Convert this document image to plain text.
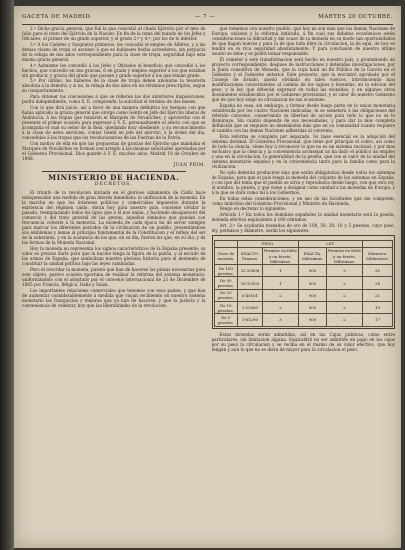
GACETA DE MADRID.	— 7 —	MARTES 20 OCTUBRE.

2.º Dicha gracia general, que fué la que concedió al citado Ejército por el mes de Julio para el resto del Ejército de la Nacion. En fin de la toma del mando de los Jefes y Oficiales, el primer de un grado superior, y el grado 2.º y 4.º, por los de lo inferior.

3.º A los Cadetes y Sargentos primeros, les concedió el empleo de Alférez, y á las demas clases de tropa el ascenso á que se hubiesen hecho acreedores, sin perjuicio de la rebaja de dos años correspondiente para la clase de tropa, seguridad bajo esta misma gracia general.

4.º Asimismo les concedió á los Jefes y Oficiales el beneficio que concedió á los hechos, que concedió en dos gracias, 6 en grado y empleo superior á los que estaban sin producir, y gracia del grado que posean y grado superior á los que tenían grado.

5.º Por último, los haberes de la clase de tropa deben abonarse la tesorería absoluta a la demora; y si no, la rebaja de dos años en los términos prescriptos, segun su comportamiento.

Para obtener las concesiones á que se refieren las dos anteriores disposiciones, podrá independiente, como S. E. comprende, la solicitud el término de dos meses.

Con lo que dirá juicio, así a favor de una manera definitiva los tiempos con que habia aplicado la gracia general que otorgó como Gentil en Jefe del Ejército liberal de Andalucía, á las tropas que tomaron el Marqués de Novaliches, y aprovecho con el presente el primer ocasión para expresar á V. E. personalmente el afecto con que se acompaña el cual su señor de la Real, quedando muy obediente, y su reconocimiento á la clase de estos servicios, contar Gentil en jefe del ejercito, á la órden del dia, concedidas á las tropas que los revolucionarios de las Fuerzas de la Patria.

Con motivo de ella en que las propuestas de gracias del Ejército que mandaba el Marqués de Novaliches se forman con arreglo á las mismas solicitudes aprobadas por el Gobierno Provisional. Dios guarde á V. E. muchos años. Madrid 19 de Octubre de 1868.

JUAN PRIM.
MINISTERIO DE HACIENDA.
DECRETOS.

El triunfo de la revolucion iniciada en el glorioso alzamiento de Cádiz hace indispensable una medida de gran interés inmediato: la unificacion de la moneda. En la marcha en que los intereses políticos y comerciales impuestos durante la existencia del régimen caído, obran hoy para nuestro país, conviene olvidar lo pasado, reemplazando todos los tipos que á él nos unían, y haciendo desaparecer del comercio y del trato general de las gentes, aquellos símbolos que puedan con frecuencia volverle á la memoria. La moneda de cada época ha de servir siempre para marcar los diferentes períodos de la civilizacion de un pueblo, presentándose sus emblemas y lemas al principio fundamental de la Constitucion y el reflejo del ser de la soberanía, y en la sustancia de los que, en su dia, fueron los que, en su dia, y de las formas de la Moneda Nacional.

Hoy la moneda no representa los signos característicos de la España presente; su valor es preciso darle para que la nacion tenga la figura de la patria, y al escudo de las armas de España, que simbolizan nuestra gloriosa historia para el momento de constituir la unidad política bajo las leyes cambiadas.

Pero el recordar la moneda, puesto que han de hacerse las piezas necesarias para este objeto, parece ocasion oportuna de realizar la reforma del sistema monetario, uniformándolo con el adoptado por el convenio internacional de 23 de Diciembre de 1865 por Francia, Bélgica, Italia y Suiza.

Los importantes relaciones comerciales que tenemos con esos países, y que han de aumentar considerablemente á medida que vayan recibiendo en nuestro sistema monetario las franquicias y mejoras que ya han de hacerse, y que la justicia y la conveniencia de celebrar, hoy que las liberalidades de la revolucion.

que tomemos con nuestro pueblo, que hoy no son más que los demás Naciones de Europa, unísono y la reforma indicada, á fin cual sus debates económicos estén consideraciones la dificultad y del ocaso de la moneda en su modo tan oportunidades de que hagan nuevos y para la de que toda libre la circulacion, la de aquí, de hoy se tendrá en su rica seguridad absolutamente. Y para conclusión de nuestro último asunto se debe y se podrá tomar responsable.

El cometer á este transformacion será hecho en nuestro país, y prometiendo un proyecto correspondiente, despues de instrucciones y detenidas investigaciones, por la Junta consultiva de Moneda, que la cuya hará un fin Público de la Gaceta en el Gobierno y el Gobierno anterior. Este proyecto, que la encontró aprobado por el Consejo de Estado, quedó olvidado en tales vuelcos, introduciendo mas modificaciones concernientes al cambio de los signos y leyendas, en la edicion del peso, y la ley, que deberán expresar en todas las monedas, y en algunos otros documentos establecidos por el Gobierno provisional, y el valor de nuestro Gobierno que de que hoy exige su circulacion de sus ocasiones.

España no cesa, sin embargo, y formar desde luego parte de la union monetaria establecida por los cuatro Naciones indicadas, ni se someterá á las obligaciones del referido convenio, conservando su libertad de accion para todo lo que no se le disminuye. Sin cuanto dependa de sus necesidades, y para dar la más completa definición que se requiere no desembolsa más que en su comunidad cuanto requiere el cambio con las demas Naciones adheridas al convenio.

Esta reforma se completa por separado. Su base esencial es la adopción del sistema decimal. El Gobierno Provisional, que tiene por principio el cobro, así como de todo la ciencia, viene hoy á reconocer lo que no es un sistema racional, y por mas exclusivo que la ciencia y la conveniencia aconsejan no ha dado el público un empleo y una en la circulacion, la generalidad de la peseta, que con el valor de la unidad del sistema monetario español y en la conveniencia tanto para la familia como para la civilizacion.

No solo deberán producirse sino que serán obligatorias desde todos los sistemas de España, para que el pais tenga la moneda del conjunto de los sistemas en España, y con que del tema que el pueblo se sirva y reproduzca desde luego, con que otra ley, el nombre, la peseta, y que viene a designar como unidad a las monedas de Europa, y á la que se dará como tal á los Gobiernos.

En todas estas consideraciones, y en uso de las facultades que me competen, como individuo del Gobierno Provisional y Ministro de Hacienda,

Vengo en decretar lo siguiente:

Artículo 1.º En todos los dominios españoles la unidad monetaria será la peseta, moneda efectiva equivalente á 100 céntimos.

Art. 2.º Se acuñarán monedas de oro de 100, 50, 20, 10 y 5 pesetas, cuyo peso, ley, permisos y diámetro, serán los siguientes:

	PESO.		LEY.		
Clase de moneda.	EXACTO. Gramos.	Permiso en feble y en fuerte. Milésimas.	EXACTA. Milésimas.	Permiso en feble y en fuerte. Milésimas.	Diámetro. Milímetros.
De 100 pesetas.	32'25806	1	900	2	35
De 50 pesetas.	16'12903	1	900	2	28
De 20 pesetas.	6'45161	2	900	2	21
De 10 pesetas.	3'22580	2	900	2	19
De 5 pesetas.	1'61290	3	900	2	17

Estas monedas serán admitidas, así en las Cajas públicas, como entre particulares, sin limitacion alguna. Equivaldrá no ser admitido en pago en los cajas por su peso la circulacion y se reciba en el mismo de su valor efectivo, que hoy tengan y aun lo que no se diera de mayor para la circulacion el peso.
